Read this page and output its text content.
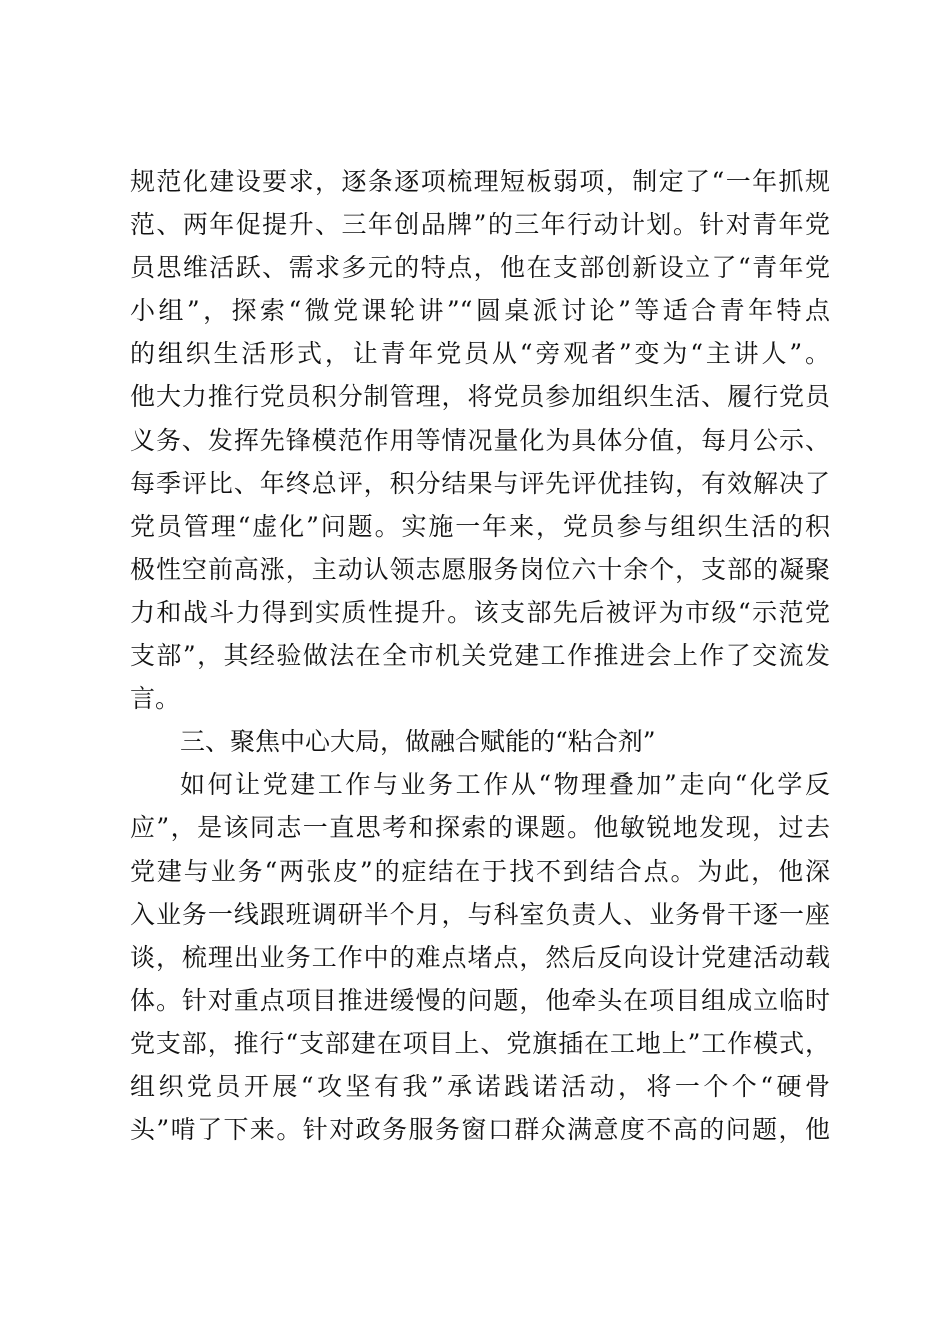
规范化建设要求，逐条逐项梳理短板弱项，制定了“一年抓规
范、两年促提升、三年创品牌”的三年行动计划。针对青年党
员思维活跃、需求多元的特点，他在支部创新设立了“青年党
小组”，探索“微党课轮讲”“圆桌派讨论”等适合青年特点
的组织生活形式，让青年党员从“旁观者”变为“主讲人”。
他大力推行党员积分制管理，将党员参加组织生活、履行党员
义务、发挥先锋模范作用等情况量化为具体分值，每月公示、
每季评比、年终总评，积分结果与评先评优挂钩，有效解决了
党员管理“虚化”问题。实施一年来，党员参与组织生活的积
极性空前高涨，主动认领志愿服务岗位六十余个，支部的凝聚
力和战斗力得到实质性提升。该支部先后被评为市级“示范党
支部”，其经验做法在全市机关党建工作推进会上作了交流发
言。
三、聚焦中心大局，做融合赋能的“粘合剂”
如何让党建工作与业务工作从“物理叠加”走向“化学反
应”，是该同志一直思考和探索的课题。他敏锐地发现，过去
党建与业务“两张皮”的症结在于找不到结合点。为此，他深
入业务一线跟班调研半个月，与科室负责人、业务骨干逐一座
谈，梳理出业务工作中的难点堵点，然后反向设计党建活动载
体。针对重点项目推进缓慢的问题，他牵头在项目组成立临时
党支部，推行“支部建在项目上、党旗插在工地上”工作模式，
组织党员开展“攻坚有我”承诺践诺活动，将一个个“硬骨
头”啃了下来。针对政务服务窗口群众满意度不高的问题，他
